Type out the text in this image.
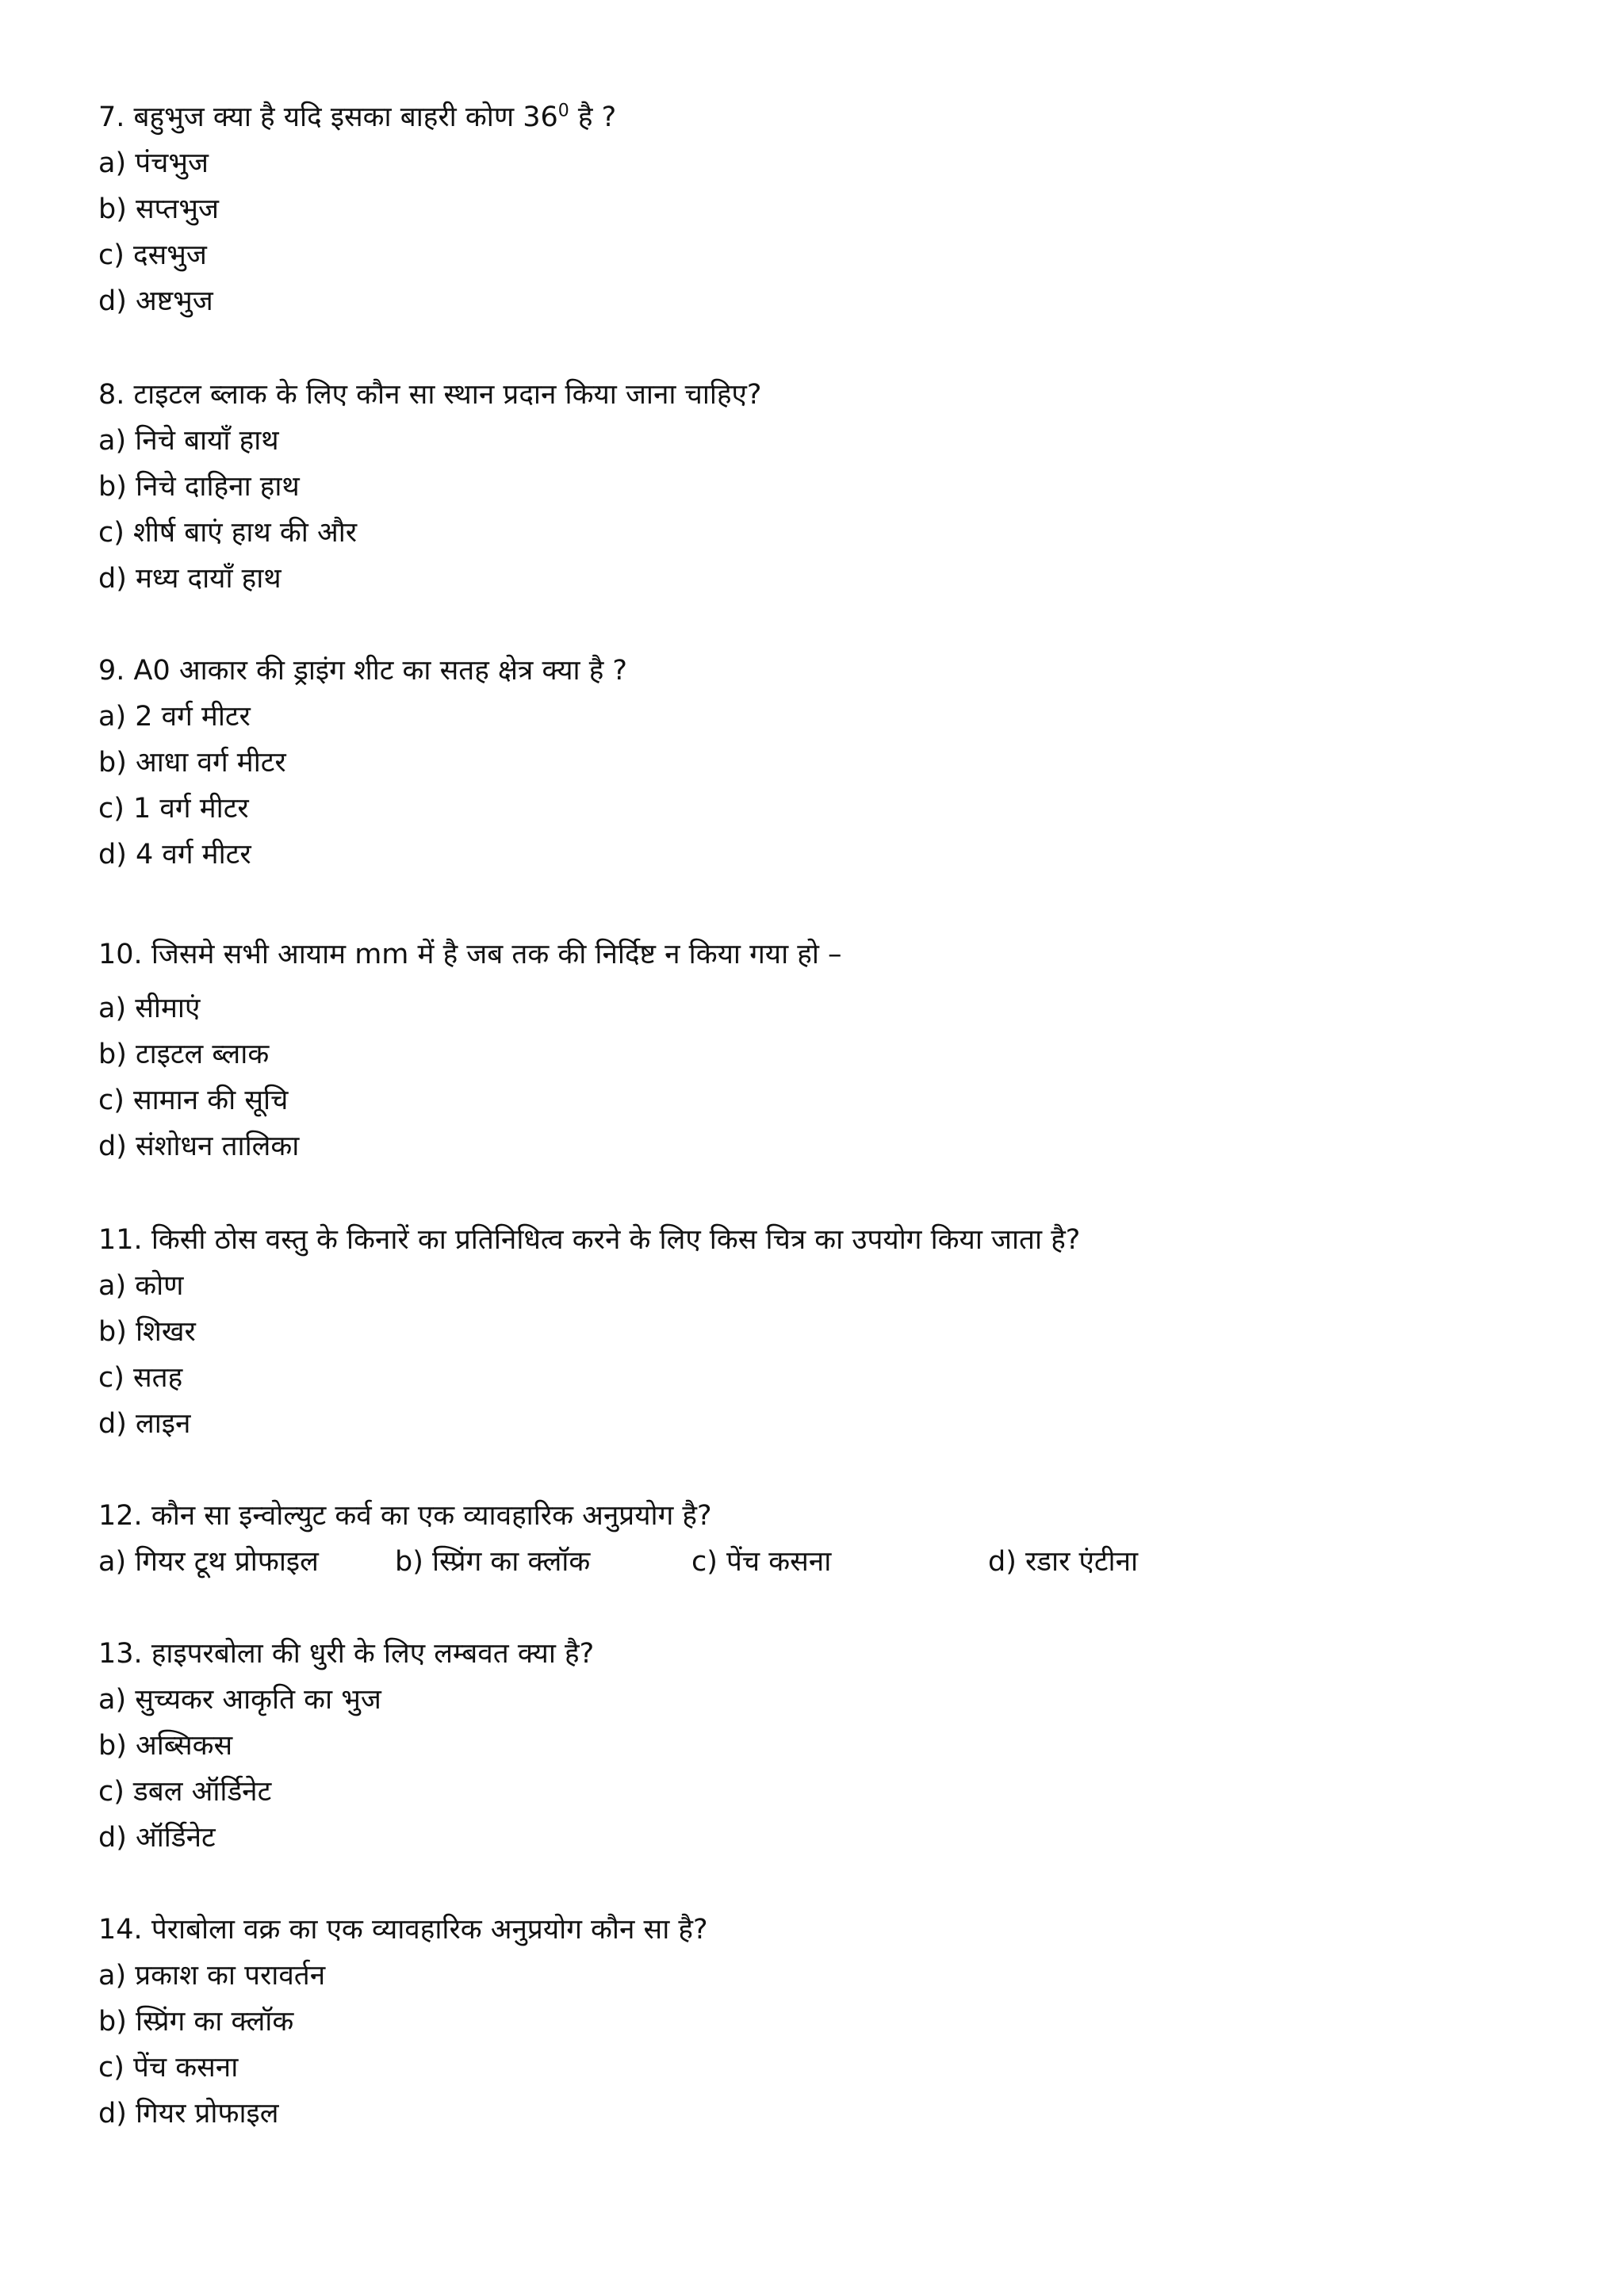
7. बहुभुज क्या है यदि इसका बाहरी कोण $36^0$ है ?
a) पंचभुज
b) सप्तभुज
c) दसभुज
d) अष्टभुज
8. टाइटल ब्लाक के लिए कौन सा स्थान प्रदान किया जाना चाहिए?
a) निचे बायाँ हाथ
b) निचे दाहिना हाथ
c) शीर्ष बाएं हाथ की और
d) मध्य दायाँ हाथ
9. A0 आकार की ड्राइंग शीट का सतह क्षेत्र क्या है ?
a) 2 वर्ग मीटर
b) आधा वर्ग मीटर
c) 1 वर्ग मीटर
d) 4 वर्ग मीटर
10. जिसमे सभी आयाम mm में है जब तक की निर्दिष्ट न किया गया हो –
a) सीमाएं
b) टाइटल ब्लाक
c) सामान की सूचि
d) संशोधन तालिका
11. किसी ठोस वस्तु के किनारें का प्रतिनिधित्व करने के लिए किस चित्र का उपयोग किया जाता है?
a) कोण
b) शिखर
c) सतह
d) लाइन
12. कौन सा इन्वोल्युट कर्व का एक व्यावहारिक अनुप्रयोग है?
a) गियर टूथ प्रोफाइल	b) स्प्रिंग का क्लॉक	c) पेंच कसना	d) रडार एंटीना
13. हाइपरबोला की धुरी के लिए लम्बवत क्या है?
a) सुच्यकर आकृति का भुज
b) अब्सिकस
c) डबल ऑर्डिनेट
d) ऑर्डिनेट
14. पेराबोला वक्र का एक व्यावहारिक अनुप्रयोग कौन सा है?
a) प्रकाश का परावर्तन
b) स्प्रिंग का क्लॉक
c) पेंच कसना
d) गियर प्रोफाइल
